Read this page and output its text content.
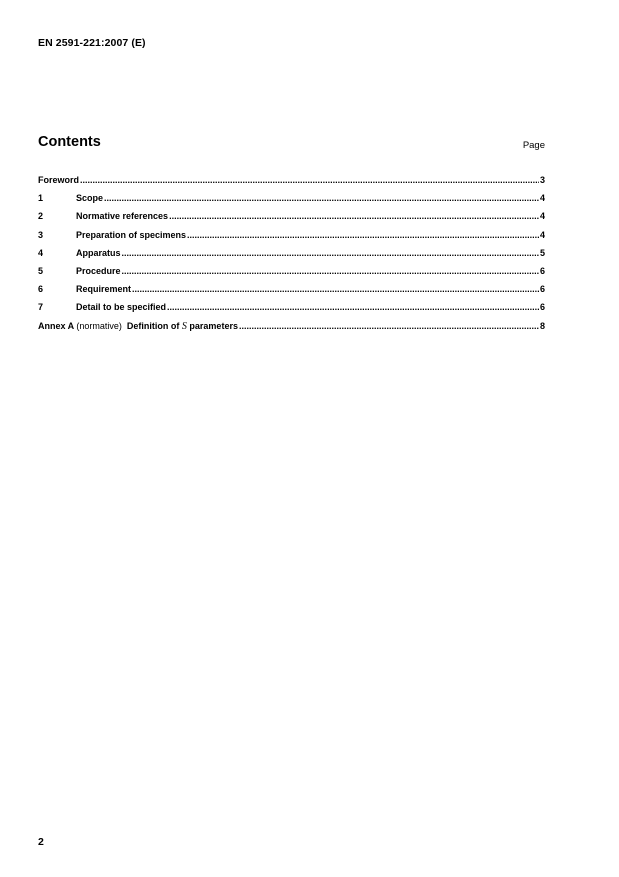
EN 2591-221:2007 (E)
Contents	Page
Foreword .....	3
1	Scope .....	4
2	Normative references .....	4
3	Preparation of specimens .....	4
4	Apparatus .....	5
5	Procedure .....	6
6	Requirement .....	6
7	Detail to be specified .....	6
Annex A (normative) Definition of S parameters .....	8
2
